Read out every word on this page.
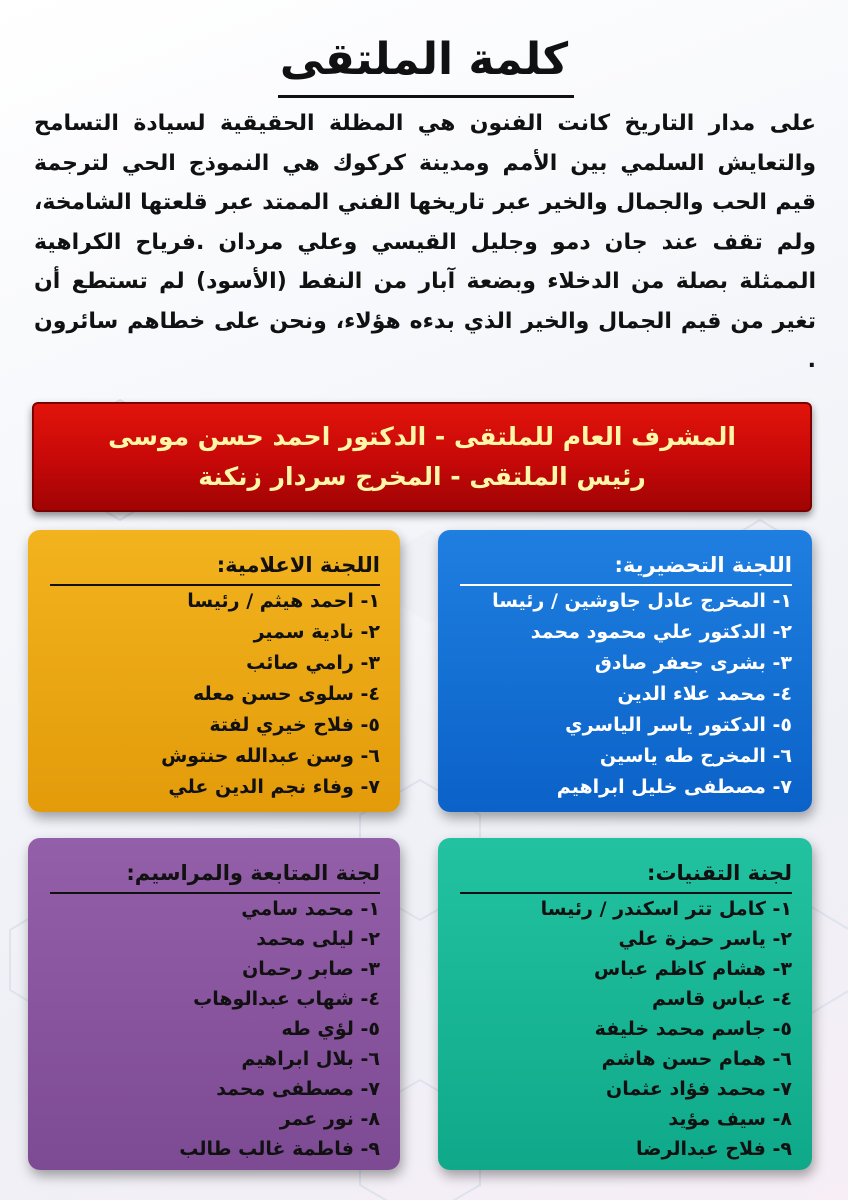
كلمة الملتقى

على مدار التاريخ كانت الفنون هي المظلة الحقيقية لسيادة التسامح والتعايش السلمي بين الأمم ومدينة كركوك هي النموذج الحي لترجمة قيم الحب والجمال والخير عبر تاريخها الفني الممتد عبر قلعتها الشامخة، ولم تقف عند جان دمو وجليل القيسي وعلي مردان .فرياح الكراهية الممثلة بصلة من الدخلاء وبضعة آبار من النفط (الأسود) لم تستطع أن تغير من قيم الجمال والخير الذي بدءه هؤلاء، ونحن على خطاهم سائرون .

المشرف العام للملتقى - الدكتور احمد حسن موسى
رئيس الملتقى - المخرج سردار زنكنة
اللجنة التحضيرية:
١- المخرج عادل جاوشين / رئيسا
٢- الدكتور علي محمود محمد
٣- بشرى جعفر صادق
٤- محمد علاء الدين
٥- الدكتور ياسر الياسري
٦- المخرج طه ياسين
٧- مصطفى خليل ابراهيم
اللجنة الاعلامية:
١- احمد هيثم / رئيسا
٢- نادية سمير
٣- رامي صائب
٤- سلوى حسن معله
٥- فلاح خيري لفتة
٦- وسن عبدالله حنتوش
٧- وفاء نجم الدين علي
لجنة التقنيات:
١- كامل تتر اسكندر / رئيسا
٢- ياسر حمزة علي
٣- هشام كاظم عباس
٤- عباس قاسم
٥- جاسم محمد خليفة
٦- همام حسن هاشم
٧- محمد فؤاد عثمان
٨- سيف مؤيد
٩- فلاح عبدالرضا
لجنة المتابعة والمراسيم:
١- محمد سامي
٢- ليلى محمد
٣- صابر رحمان
٤- شهاب عبدالوهاب
٥- لؤي طه
٦- بلال ابراهيم
٧- مصطفى محمد
٨- نور عمر
٩- فاطمة غالب طالب
